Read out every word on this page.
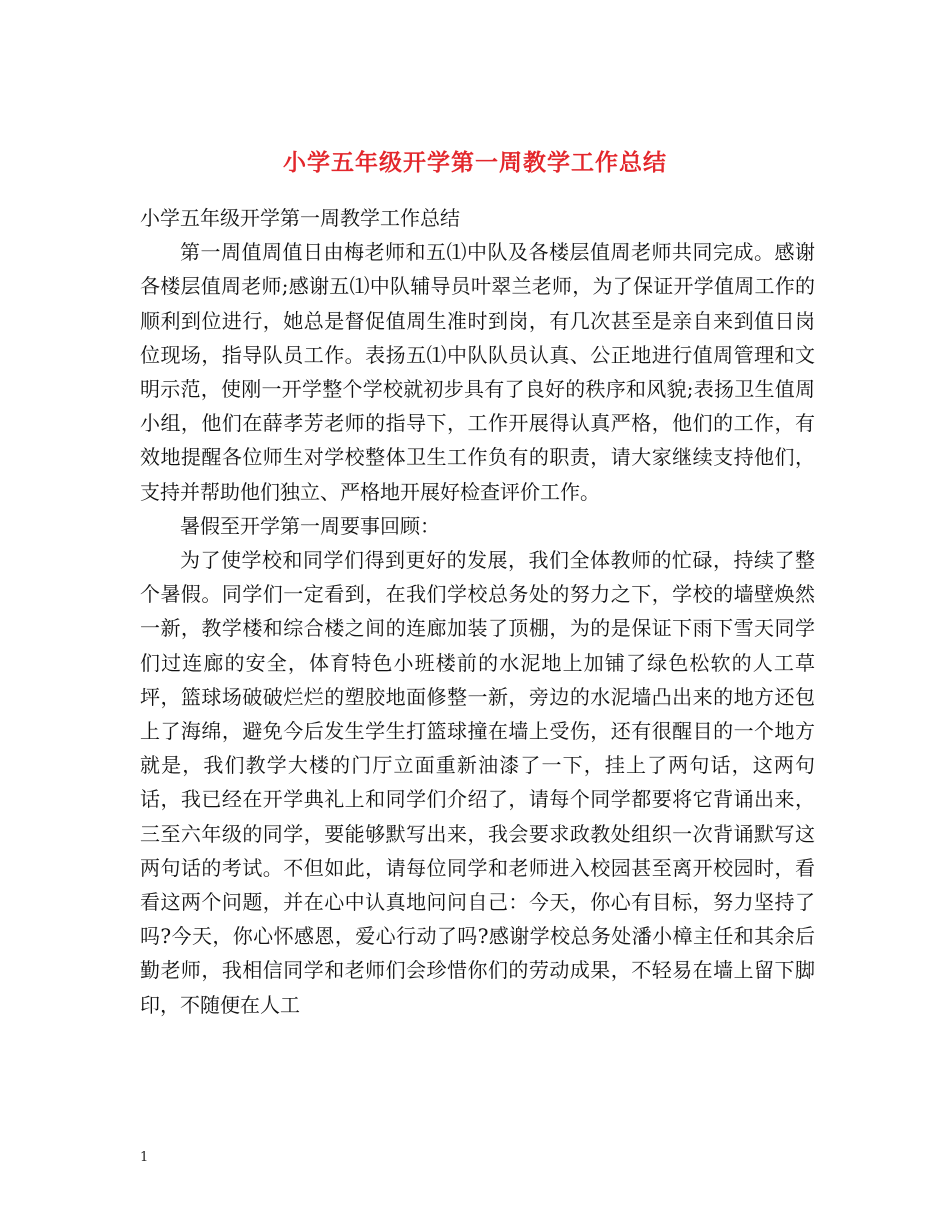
小学五年级开学第一周教学工作总结

小学五年级开学第一周教学工作总结

第一周值周值日由梅老师和五⑴中队及各楼层值周老师共同完成。感谢各楼层值周老师;感谢五⑴中队辅导员叶翠兰老师，为了保证开学值周工作的顺利到位进行，她总是督促值周生准时到岗，有几次甚至是亲自来到值日岗位现场，指导队员工作。表扬五⑴中队队员认真、公正地进行值周管理和文明示范，使刚一开学整个学校就初步具有了良好的秩序和风貌;表扬卫生值周小组，他们在薛孝芳老师的指导下，工作开展得认真严格，他们的工作，有效地提醒各位师生对学校整体卫生工作负有的职责，请大家继续支持他们，支持并帮助他们独立、严格地开展好检查评价工作。

暑假至开学第一周要事回顾：

为了使学校和同学们得到更好的发展，我们全体教师的忙碌，持续了整个暑假。同学们一定看到，在我们学校总务处的努力之下，学校的墙壁焕然一新，教学楼和综合楼之间的连廊加装了顶棚，为的是保证下雨下雪天同学们过连廊的安全，体育特色小班楼前的水泥地上加铺了绿色松软的人工草坪，篮球场破破烂烂的塑胶地面修整一新，旁边的水泥墙凸出来的地方还包上了海绵，避免今后发生学生打篮球撞在墙上受伤，还有很醒目的一个地方就是，我们教学大楼的门厅立面重新油漆了一下，挂上了两句话，这两句话，我已经在开学典礼上和同学们介绍了，请每个同学都要将它背诵出来，三至六年级的同学，要能够默写出来，我会要求政教处组织一次背诵默写这两句话的考试。不但如此，请每位同学和老师进入校园甚至离开校园时，看看这两个问题，并在心中认真地问问自己：今天，你心有目标，努力坚持了吗?今天，你心怀感恩，爱心行动了吗?感谢学校总务处潘小樟主任和其余后勤老师，我相信同学和老师们会珍惜你们的劳动成果，不轻易在墙上留下脚印，不随便在人工

1
